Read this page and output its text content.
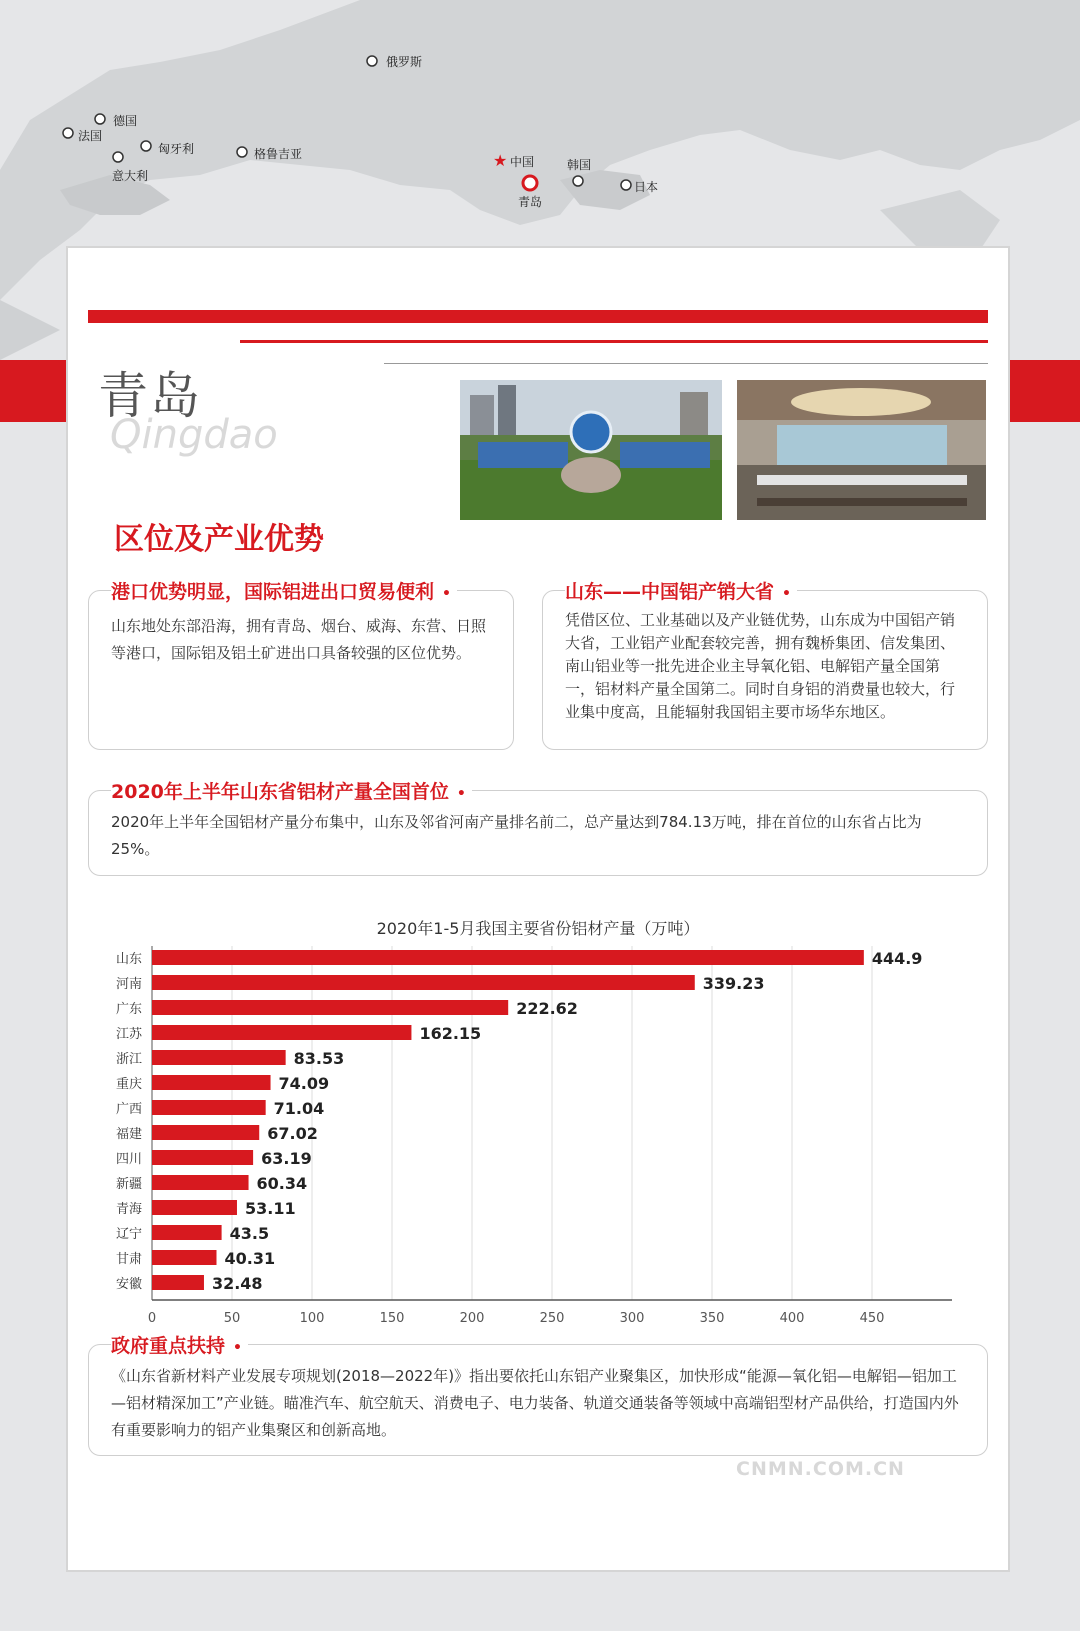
★
俄罗斯
德国
法国
匈牙利
意大利
格鲁吉亚
中国	韩国
青岛
日本
青岛
Qingdao
区位及产业优势
港口优势明显，国际铝进出口贸易便利 •
山东地处东部沿海，拥有青岛、烟台、威海、东营、日照等港口，国际铝及铝土矿进出口具备较强的区位优势。
山东——中国铝产销大省 •
凭借区位、工业基础以及产业链优势，山东成为中国铝产销大省，工业铝产业配套较完善，拥有魏桥集团、信发集团、南山铝业等一批先进企业主导氧化铝、电解铝产量全国第一，铝材料产量全国第二。同时自身铝的消费量也较大，行业集中度高，且能辐射我国铝主要市场华东地区。
2020年上半年山东省铝材产量全国首位 •
2020年上半年全国铝材产量分布集中，山东及邻省河南产量排名前二，总产量达到784.13万吨，排在首位的山东省占比为25%。
2020年1-5月我国主要省份铝材产量（万吨）
0	50	100	150	200	250	300	350	400	450
山东	444.9
河南	339.23
广东	222.62
江苏	162.15
浙江	83.53
重庆	74.09
广西	71.04
福建	67.02
四川	63.19
新疆	60.34
青海	53.11
辽宁	43.5
甘肃	40.31
安徽	32.48
政府重点扶持 •
《山东省新材料产业发展专项规划(2018—2022年)》指出要依托山东铝产业聚集区，加快形成“能源—氧化铝—电解铝—铝加工—铝材精深加工”产业链。瞄准汽车、航空航天、消费电子、电力装备、轨道交通装备等领域中高端铝型材产品供给，打造国内外有重要影响力的铝产业集聚区和创新高地。
CNMN.COM.CN
